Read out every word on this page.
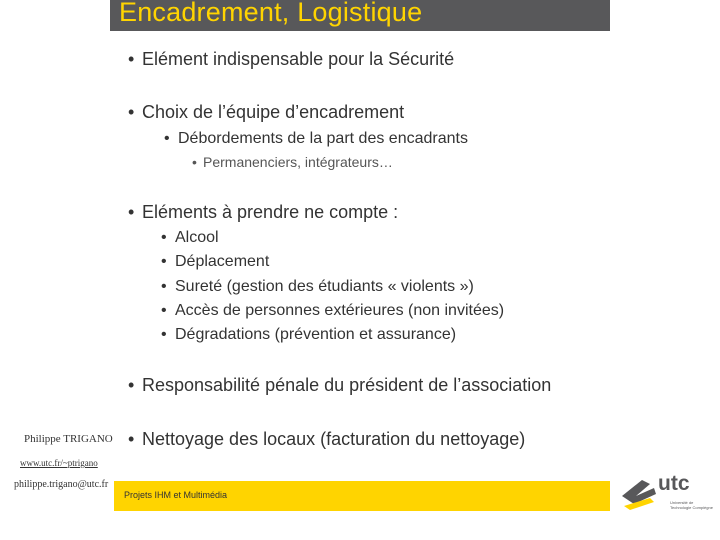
Encadrement, Logistique
• Elément indispensable pour la Sécurité
• Choix de l’équipe d’encadrement
• Débordements de la part des encadrants
• Permanenciers, intégrateurs…
• Eléments à prendre ne compte :
• Alcool
• Déplacement
• Sureté (gestion des étudiants « violents »)
• Accès de personnes extérieures (non invitées)
• Dégradations (prévention et assurance)
• Responsabilité pénale du président de l’association
• Nettoyage des locaux (facturation du nettoyage)
Philippe TRIGANO
www.utc.fr/~ptrigano
philippe.trigano@utc.fr
Projets IHM et Multimédia	utc
Université de Technologie Compiègne
